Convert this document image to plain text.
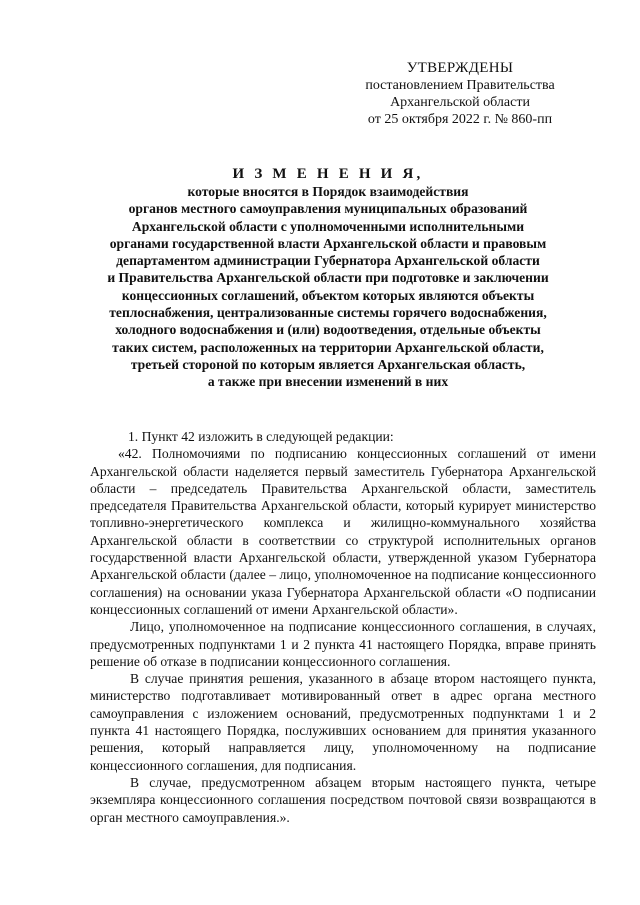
УТВЕРЖДЕНЫ
постановлением Правительства
Архангельской области
от 25 октября 2022 г. № 860-пп
И З М Е Н Е Н И Я,
которые вносятся в Порядок взаимодействия
органов местного самоуправления муниципальных образований
Архангельской области с уполномоченными исполнительными
органами государственной власти Архангельской области и правовым
департаментом администрации Губернатора Архангельской области
и Правительства Архангельской области при подготовке и заключении
концессионных соглашений, объектом которых являются объекты
теплоснабжения, централизованные системы горячего водоснабжения,
холодного водоснабжения и (или) водоотведения, отдельные объекты
таких систем, расположенных на территории Архангельской области,
третьей стороной по которым является Архангельская область,
а также при внесении изменений в них

1. Пункт 42 изложить в следующей редакции:

«42. Полномочиями по подписанию концессионных соглашений от имени Архангельской области наделяется первый заместитель Губернатора Архангельской области – председатель Правительства Архангельской области, заместитель председателя Правительства Архангельской области, который курирует министерство топливно-энергетического комплекса и жилищно-коммунального хозяйства Архангельской области в соответствии со структурой исполнительных органов государственной власти Архангельской области, утвержденной указом Губернатора Архангельской области (далее – лицо, уполномоченное на подписание концессионного соглашения) на основании указа Губернатора Архангельской области «О подписании концессионных соглашений от имени Архангельской области».

Лицо, уполномоченное на подписание концессионного соглашения, в случаях, предусмотренных подпунктами 1 и 2 пункта 41 настоящего Порядка, вправе принять решение об отказе в подписании концессионного соглашения.

В случае принятия решения, указанного в абзаце втором настоящего пункта, министерство подготавливает мотивированный ответ в адрес органа местного самоуправления с изложением оснований, предусмотренных подпунктами 1 и 2 пункта 41 настоящего Порядка, послуживших основанием для принятия указанного решения, который направляется лицу, уполномоченному на подписание концессионного соглашения, для подписания.

В случае, предусмотренном абзацем вторым настоящего пункта, четыре экземпляра концессионного соглашения посредством почтовой связи возвращаются в орган местного самоуправления.».
